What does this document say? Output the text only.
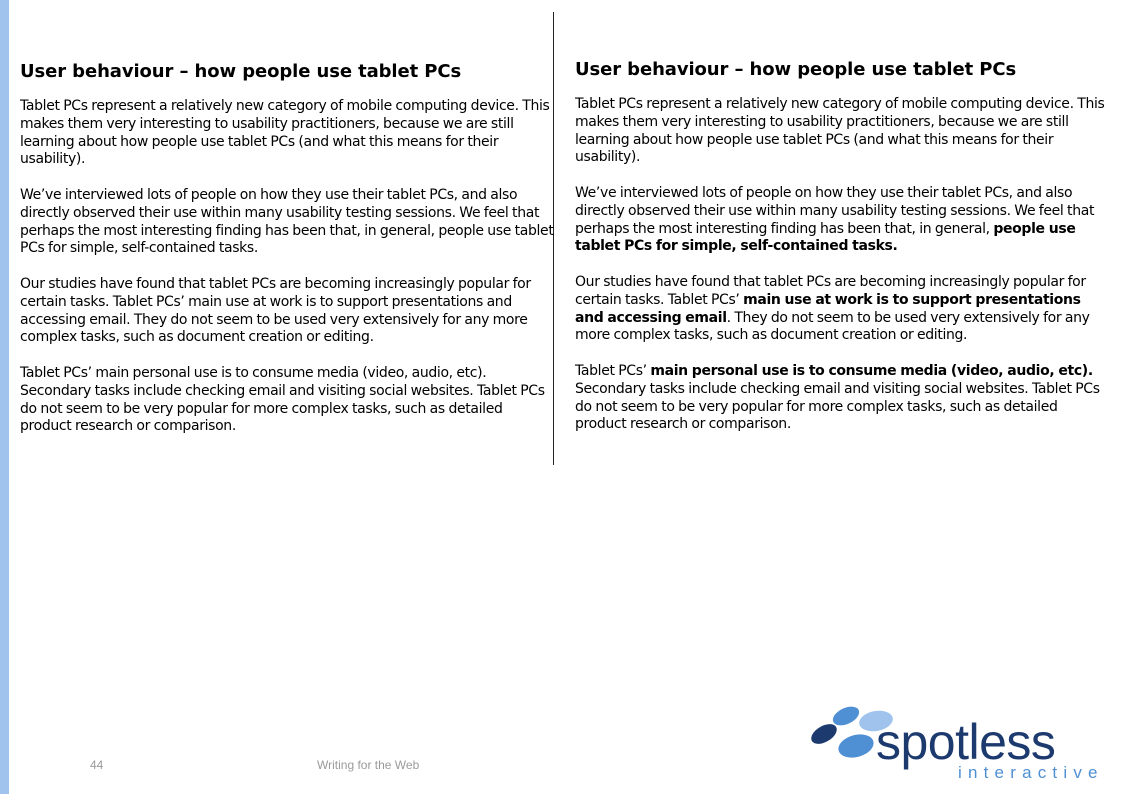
User behaviour – how people use tablet PCs

Tablet PCs represent a relatively new category of mobile computing device. This makes them very interesting to usability practitioners, because we are still learning about how people use tablet PCs (and what this means for their usability).

We’ve interviewed lots of people on how they use their tablet PCs, and also directly observed their use within many usability testing sessions. We feel that perhaps the most interesting finding has been that, in general, people use tablet PCs for simple, self-contained tasks.

Our studies have found that tablet PCs are becoming increasingly popular for certain tasks. Tablet PCs’ main use at work is to support presentations and accessing email. They do not seem to be used very extensively for any more complex tasks, such as document creation or editing.

Tablet PCs’ main personal use is to consume media (video, audio, etc). Secondary tasks include checking email and visiting social websites. Tablet PCs do not seem to be very popular for more complex tasks, such as detailed product research or comparison.

User behaviour – how people use tablet PCs

Tablet PCs represent a relatively new category of mobile computing device. This makes them very interesting to usability practitioners, because we are still learning about how people use tablet PCs (and what this means for their usability).

We’ve interviewed lots of people on how they use their tablet PCs, and also directly observed their use within many usability testing sessions. We feel that perhaps the most interesting finding has been that, in general, people use tablet PCs for simple, self-contained tasks.

Our studies have found that tablet PCs are becoming increasingly popular for certain tasks. Tablet PCs’ main use at work is to support presentations and accessing email. They do not seem to be used very extensively for any more complex tasks, such as document creation or editing.

Tablet PCs’ main personal use is to consume media (video, audio, etc). Secondary tasks include checking email and visiting social websites. Tablet PCs do not seem to be very popular for more complex tasks, such as detailed product research or comparison.

44	Writing for the Web	spotless
interactive
